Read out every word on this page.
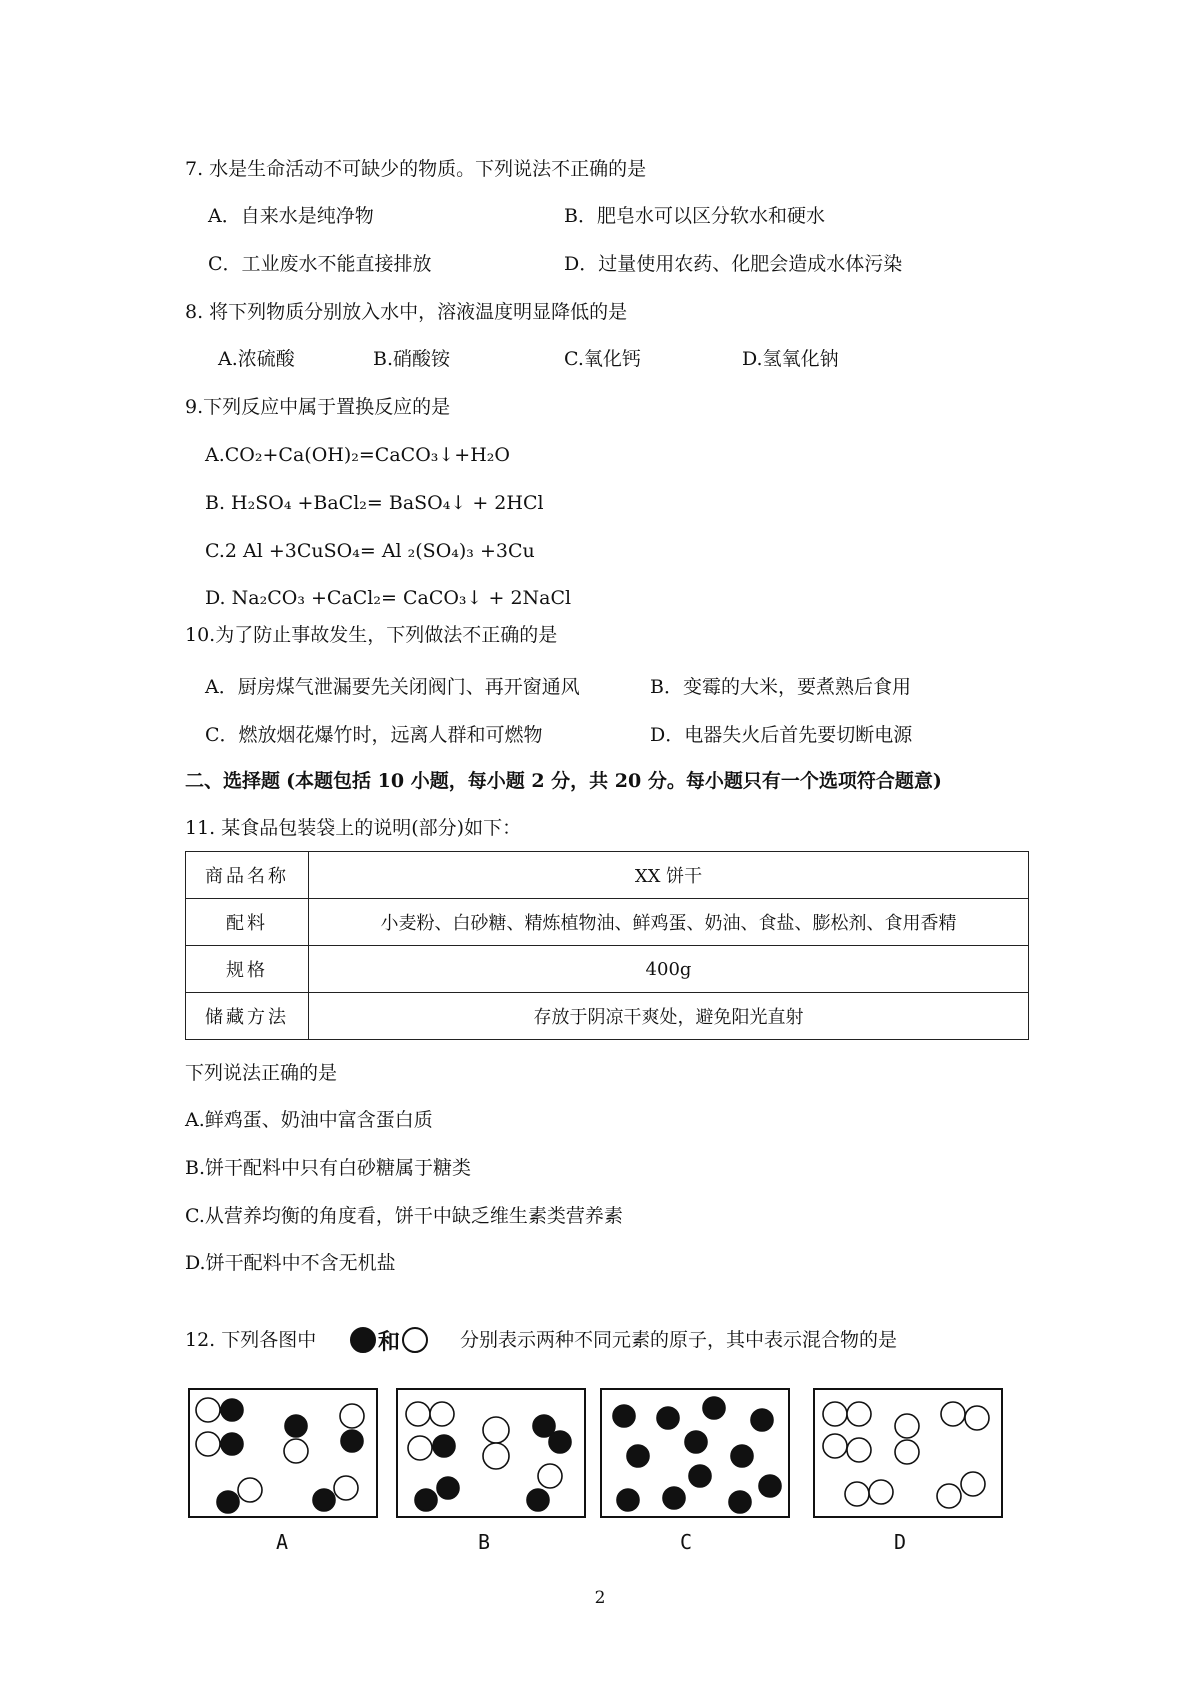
7. 水是生命活动不可缺少的物质。下列说法不正确的是
A．自来水是纯净物	B．肥皂水可以区分软水和硬水
C．工业废水不能直接排放	D．过量使用农药、化肥会造成水体污染
8. 将下列物质分别放入水中，溶液温度明显降低的是
A.浓硫酸	B.硝酸铵	C.氧化钙	D.氢氧化钠
9.下列反应中属于置换反应的是
A.CO₂+Ca(OH)₂=CaCO₃↓+H₂O
B. H₂SO₄ +BaCl₂= BaSO₄↓ + 2HCl
C.2 Al +3CuSO₄= Al ₂(SO₄)₃ +3Cu
D. Na₂CO₃ +CaCl₂= CaCO₃↓ + 2NaCl
10.为了防止事故发生，下列做法不正确的是
A．厨房煤气泄漏要先关闭阀门、再开窗通风	B．变霉的大米，要煮熟后食用
C．燃放烟花爆竹时，远离人群和可燃物	D．电器失火后首先要切断电源
二、选择题 (本题包括 10 小题，每小题 2 分，共 20 分。每小题只有一个选项符合题意)
11. 某食品包装袋上的说明(部分)如下：
商品名称	XX 饼干
配料	小麦粉、白砂糖、精炼植物油、鲜鸡蛋、奶油、食盐、膨松剂、食用香精
规格	400g
储藏方法	存放于阴凉干爽处，避免阳光直射
下列说法正确的是
A.鲜鸡蛋、奶油中富含蛋白质
B.饼干配料中只有白砂糖属于糖类
C.从营养均衡的角度看，饼干中缺乏维生素类营养素
D.饼干配料中不含无机盐
12. 下列各图中	和	分别表示两种不同元素的原子，其中表示混合物的是
A	B	C	D
2
